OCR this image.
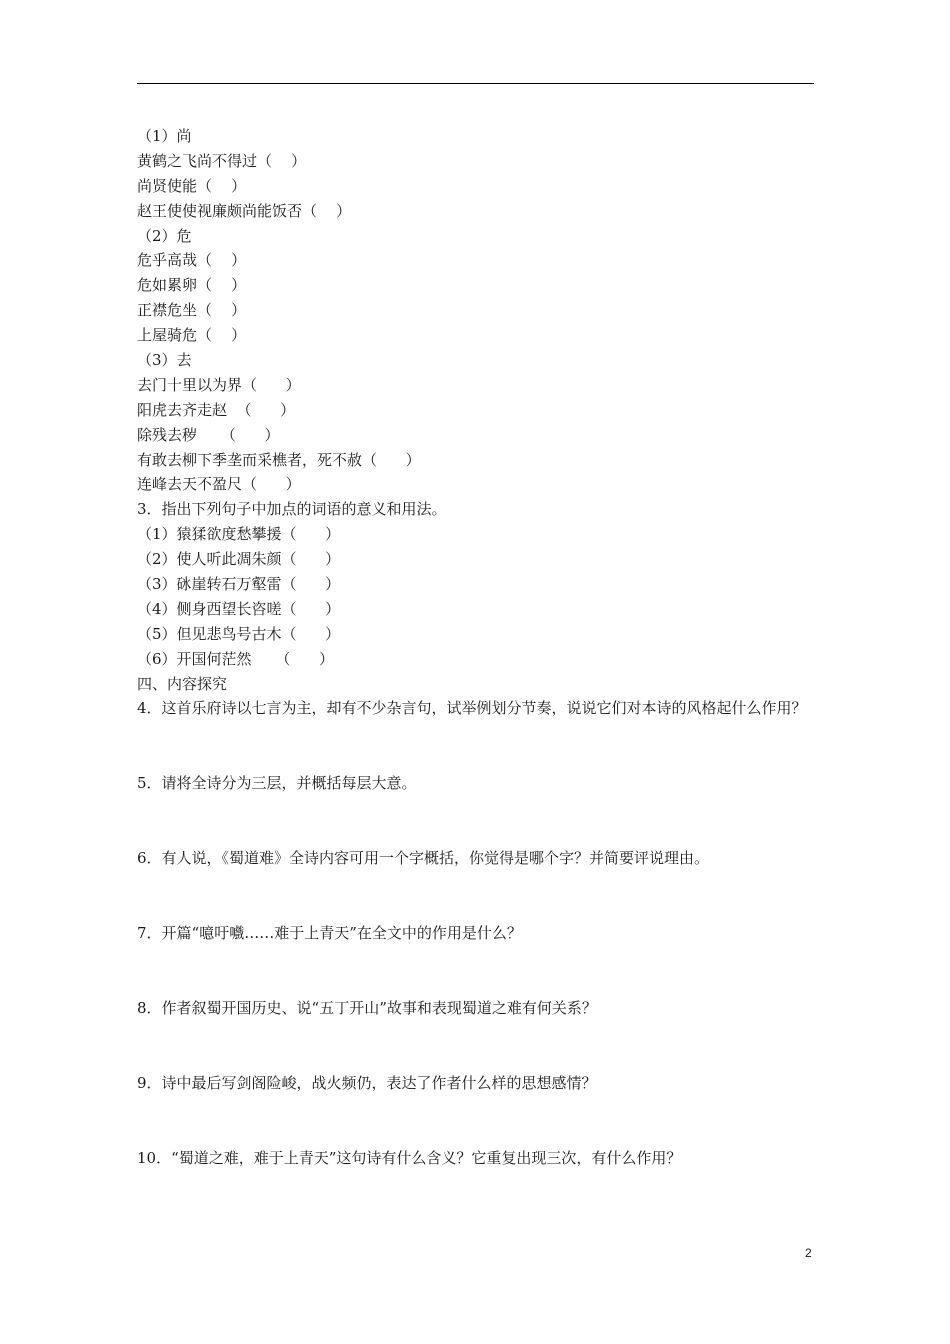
（1）尚
黄鹤之飞尚不得过（    ）
尚贤使能（    ）
赵王使使视廉颇尚能饭否（    ）
（2）危
危乎高哉（    ）
危如累卵（    ）
正襟危坐（    ）
上屋骑危（    ）
（3）去
去门十里以为界（      ）
阳虎去齐走赵  （      ）
除残去秽     （      ）
有敢去柳下季垄而采樵者，死不赦（      ）
连峰去天不盈尺（      ）
3．指出下列句子中加点的词语的意义和用法。
（1）猿猱欲度愁攀援（      ）
（2）使人听此凋朱颜（      ）
（3）砯崖转石万壑雷（      ）
（4）侧身西望长咨嗟（      ）
（5）但见悲鸟号古木（      ）
（6）开国何茫然     （      ）
四、内容探究
4．这首乐府诗以七言为主，却有不少杂言句，试举例划分节奏，说说它们对本诗的风格起什么作用？
5．请将全诗分为三层，并概括每层大意。
6．有人说，《蜀道难》全诗内容可用一个字概括，你觉得是哪个字？并简要评说理由。
7．开篇“噫吁嚱……难于上青天”在全文中的作用是什么？
8．作者叙蜀开国历史、说“五丁开山”故事和表现蜀道之难有何关系？
9．诗中最后写剑阁险峻，战火频仍，表达了作者什么样的思想感情？
10．“蜀道之难，难于上青天”这句诗有什么含义？它重复出现三次，有什么作用？
2
